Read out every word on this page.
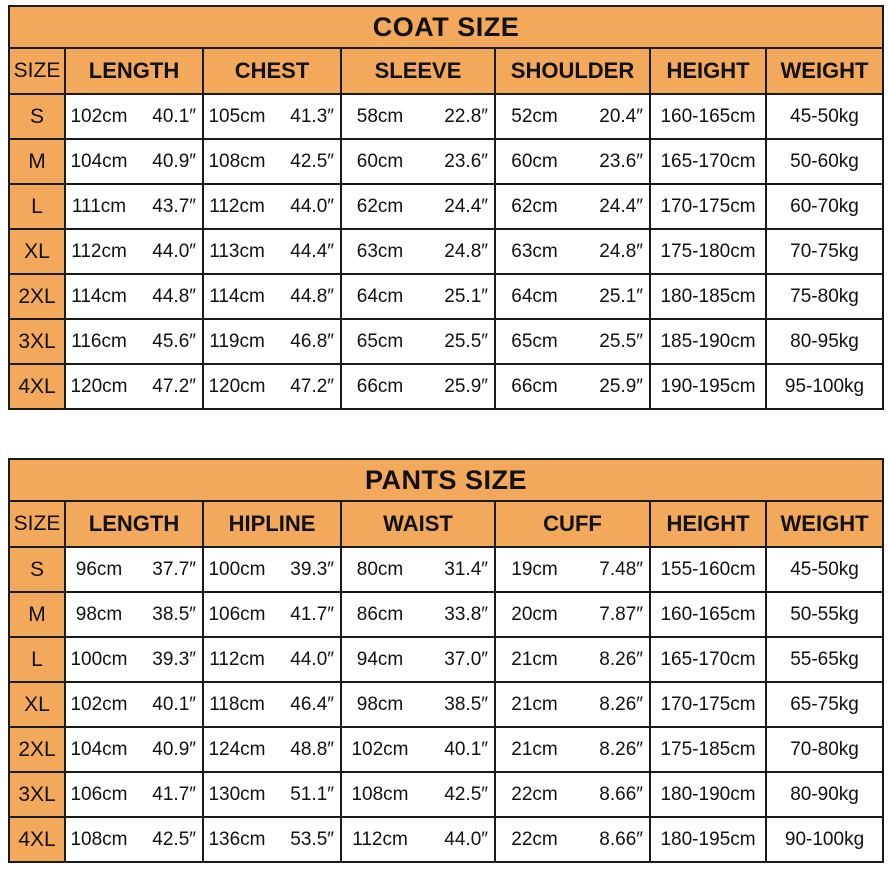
COAT SIZE										
SIZE	LENGTH		CHEST		SLEEVE		SHOULDER		HEIGHT	WEIGHT
S	102cm	40.1″	105cm	41.3″	58cm	22.8″	52cm	20.4″	160-165cm	45-50kg
M	104cm	40.9″	108cm	42.5″	60cm	23.6″	60cm	23.6″	165-170cm	50-60kg
L	111cm	43.7″	112cm	44.0″	62cm	24.4″	62cm	24.4″	170-175cm	60-70kg
XL	112cm	44.0″	113cm	44.4″	63cm	24.8″	63cm	24.8″	175-180cm	70-75kg
2XL	114cm	44.8″	114cm	44.8″	64cm	25.1″	64cm	25.1″	180-185cm	75-80kg
3XL	116cm	45.6″	119cm	46.8″	65cm	25.5″	65cm	25.5″	185-190cm	80-95kg
4XL	120cm	47.2″	120cm	47.2″	66cm	25.9″	66cm	25.9″	190-195cm	95-100kg
PANTS SIZE										
SIZE	LENGTH		HIPLINE		WAIST		CUFF		HEIGHT	WEIGHT
S	96cm	37.7″	100cm	39.3″	80cm	31.4″	19cm	7.48″	155-160cm	45-50kg
M	98cm	38.5″	106cm	41.7″	86cm	33.8″	20cm	7.87″	160-165cm	50-55kg
L	100cm	39.3″	112cm	44.0″	94cm	37.0″	21cm	8.26″	165-170cm	55-65kg
XL	102cm	40.1″	118cm	46.4″	98cm	38.5″	21cm	8.26″	170-175cm	65-75kg
2XL	104cm	40.9″	124cm	48.8″	102cm	40.1″	21cm	8.26″	175-185cm	70-80kg
3XL	106cm	41.7″	130cm	51.1″	108cm	42.5″	22cm	8.66″	180-190cm	80-90kg
4XL	108cm	42.5″	136cm	53.5″	112cm	44.0″	22cm	8.66″	180-195cm	90-100kg
